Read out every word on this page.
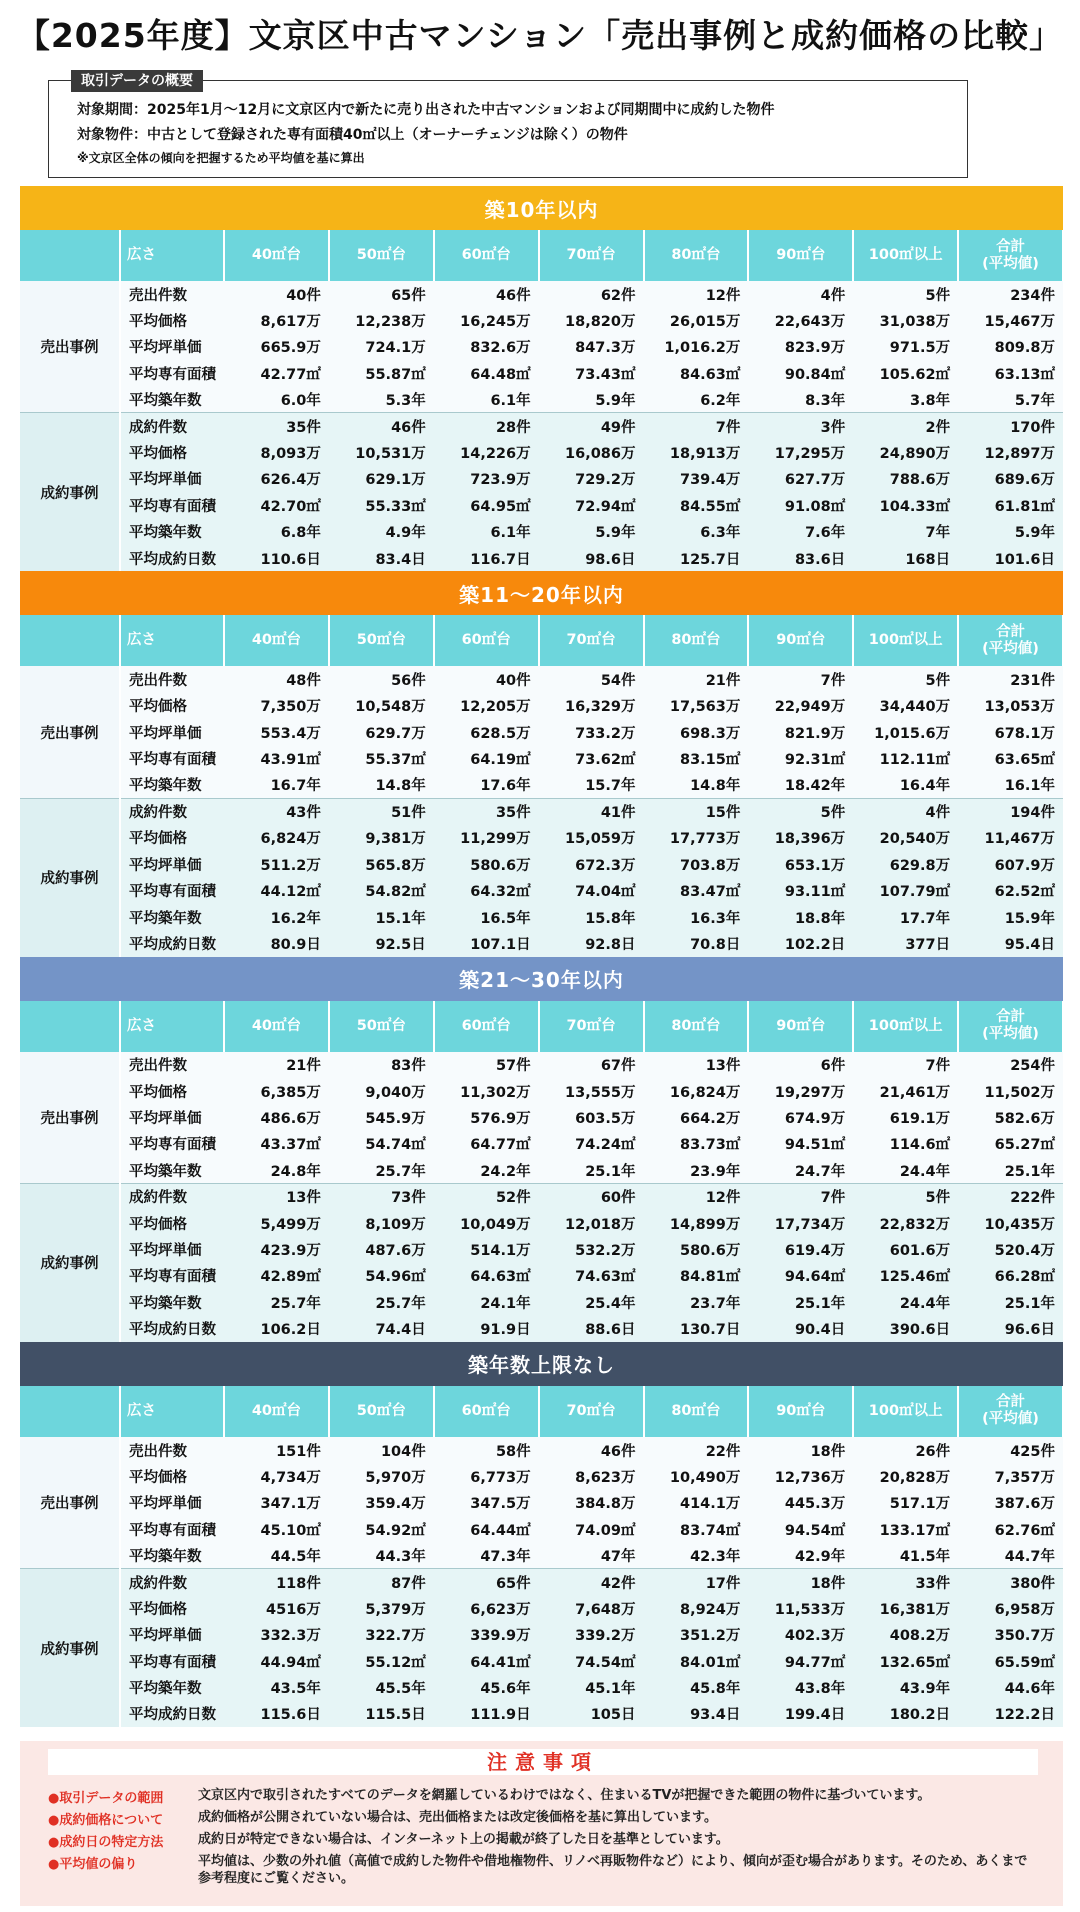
【2025年度】文京区中古マンション「売出事例と成約価格の比較」
取引データの概要
対象期間：2025年1月～12月に文京区内で新たに売り出された中古マンションおよび同期間中に成約した物件
対象物件：中古として登録された専有面積40㎡以上（オーナーチェンジは除く）の物件
※文京区全体の傾向を把握するため平均値を基に算出
築10年以内									
	広さ	40㎡台	50㎡台	60㎡台	70㎡台	80㎡台	90㎡台	100㎡以上	合計
(平均値)

売出事例	売出件数	40件	65件	46件	62件	12件	4件	5件	234件
	平均価格	8,617万	12,238万	16,245万	18,820万	26,015万	22,643万	31,038万	15,467万
	平均坪単価	665.9万	724.1万	832.6万	847.3万	1,016.2万	823.9万	971.5万	809.8万
	平均専有面積	42.77㎡	55.87㎡	64.48㎡	73.43㎡	84.63㎡	90.84㎡	105.62㎡	63.13㎡
	平均築年数	6.0年	5.3年	6.1年	5.9年	6.2年	8.3年	3.8年	5.7年
成約事例	成約件数	35件	46件	28件	49件	7件	3件	2件	170件
	平均価格	8,093万	10,531万	14,226万	16,086万	18,913万	17,295万	24,890万	12,897万
	平均坪単価	626.4万	629.1万	723.9万	729.2万	739.4万	627.7万	788.6万	689.6万
	平均専有面積	42.70㎡	55.33㎡	64.95㎡	72.94㎡	84.55㎡	91.08㎡	104.33㎡	61.81㎡
	平均築年数	6.8年	4.9年	6.1年	5.9年	6.3年	7.6年	7年	5.9年
	平均成約日数	110.6日	83.4日	116.7日	98.6日	125.7日	83.6日	168日	101.6日
築11～20年以内									
	広さ	40㎡台	50㎡台	60㎡台	70㎡台	80㎡台	90㎡台	100㎡以上	合計
(平均値)

売出事例	売出件数	48件	56件	40件	54件	21件	7件	5件	231件
	平均価格	7,350万	10,548万	12,205万	16,329万	17,563万	22,949万	34,440万	13,053万
	平均坪単価	553.4万	629.7万	628.5万	733.2万	698.3万	821.9万	1,015.6万	678.1万
	平均専有面積	43.91㎡	55.37㎡	64.19㎡	73.62㎡	83.15㎡	92.31㎡	112.11㎡	63.65㎡
	平均築年数	16.7年	14.8年	17.6年	15.7年	14.8年	18.42年	16.4年	16.1年
成約事例	成約件数	43件	51件	35件	41件	15件	5件	4件	194件
	平均価格	6,824万	9,381万	11,299万	15,059万	17,773万	18,396万	20,540万	11,467万
	平均坪単価	511.2万	565.8万	580.6万	672.3万	703.8万	653.1万	629.8万	607.9万
	平均専有面積	44.12㎡	54.82㎡	64.32㎡	74.04㎡	83.47㎡	93.11㎡	107.79㎡	62.52㎡
	平均築年数	16.2年	15.1年	16.5年	15.8年	16.3年	18.8年	17.7年	15.9年
	平均成約日数	80.9日	92.5日	107.1日	92.8日	70.8日	102.2日	377日	95.4日
築21～30年以内									
	広さ	40㎡台	50㎡台	60㎡台	70㎡台	80㎡台	90㎡台	100㎡以上	合計
(平均値)

売出事例	売出件数	21件	83件	57件	67件	13件	6件	7件	254件
	平均価格	6,385万	9,040万	11,302万	13,555万	16,824万	19,297万	21,461万	11,502万
	平均坪単価	486.6万	545.9万	576.9万	603.5万	664.2万	674.9万	619.1万	582.6万
	平均専有面積	43.37㎡	54.74㎡	64.77㎡	74.24㎡	83.73㎡	94.51㎡	114.6㎡	65.27㎡
	平均築年数	24.8年	25.7年	24.2年	25.1年	23.9年	24.7年	24.4年	25.1年
成約事例	成約件数	13件	73件	52件	60件	12件	7件	5件	222件
	平均価格	5,499万	8,109万	10,049万	12,018万	14,899万	17,734万	22,832万	10,435万
	平均坪単価	423.9万	487.6万	514.1万	532.2万	580.6万	619.4万	601.6万	520.4万
	平均専有面積	42.89㎡	54.96㎡	64.63㎡	74.63㎡	84.81㎡	94.64㎡	125.46㎡	66.28㎡
	平均築年数	25.7年	25.7年	24.1年	25.4年	23.7年	25.1年	24.4年	25.1年
	平均成約日数	106.2日	74.4日	91.9日	88.6日	130.7日	90.4日	390.6日	96.6日
築年数上限なし									
	広さ	40㎡台	50㎡台	60㎡台	70㎡台	80㎡台	90㎡台	100㎡以上	合計
(平均値)

売出事例	売出件数	151件	104件	58件	46件	22件	18件	26件	425件
	平均価格	4,734万	5,970万	6,773万	8,623万	10,490万	12,736万	20,828万	7,357万
	平均坪単価	347.1万	359.4万	347.5万	384.8万	414.1万	445.3万	517.1万	387.6万
	平均専有面積	45.10㎡	54.92㎡	64.44㎡	74.09㎡	83.74㎡	94.54㎡	133.17㎡	62.76㎡
	平均築年数	44.5年	44.3年	47.3年	47年	42.3年	42.9年	41.5年	44.7年
成約事例	成約件数	118件	87件	65件	42件	17件	18件	33件	380件
	平均価格	4516万	5,379万	6,623万	7,648万	8,924万	11,533万	16,381万	6,958万
	平均坪単価	332.3万	322.7万	339.9万	339.2万	351.2万	402.3万	408.2万	350.7万
	平均専有面積	44.94㎡	55.12㎡	64.41㎡	74.54㎡	84.01㎡	94.77㎡	132.65㎡	65.59㎡
	平均築年数	43.5年	45.5年	45.6年	45.1年	45.8年	43.8年	43.9年	44.6年
	平均成約日数	115.6日	115.5日	111.9日	105日	93.4日	199.4日	180.2日	122.2日
注意事項
●取引データの範囲	文京区内で取引されたすべてのデータを網羅しているわけではなく、住まいるTVが把握できた範囲の物件に基づいています。
●成約価格について	成約価格が公開されていない場合は、売出価格または改定後価格を基に算出しています。
●成約日の特定方法	成約日が特定できない場合は、インターネット上の掲載が終了した日を基準としています。
●平均値の偏り	平均値は、少数の外れ値（高値で成約した物件や借地権物件、リノベ再販物件など）により、傾向が歪む場合があります。そのため、あくまで参考程度にご覧ください。
